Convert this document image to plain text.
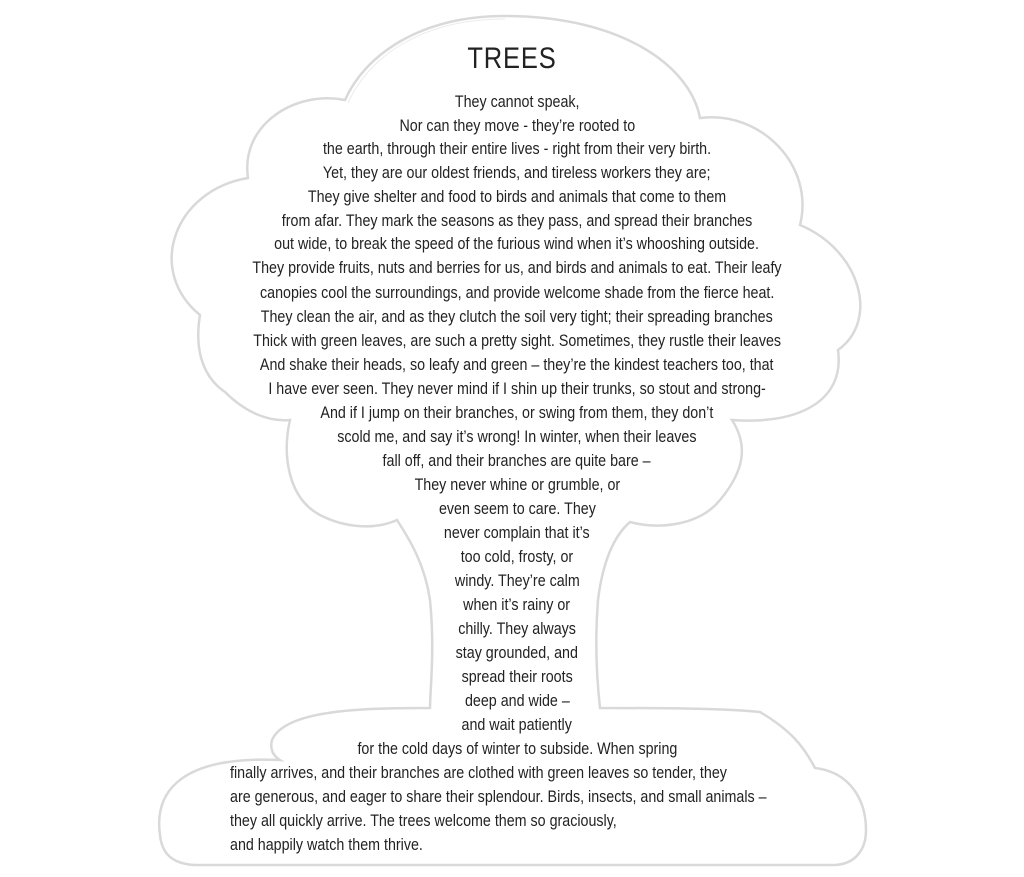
TREES
They cannot speak,
Nor can they move - they’re rooted to
the earth, through their entire lives - right from their very birth.
Yet, they are our oldest friends, and tireless workers they are;
They give shelter and food to birds and animals that come to them
from afar. They mark the seasons as they pass, and spread their branches
out wide, to break the speed of the furious wind when it’s whooshing outside.
They provide fruits, nuts and berries for us, and birds and animals to eat. Their leafy
canopies cool the surroundings, and provide welcome shade from the fierce heat.
They clean the air, and as they clutch the soil very tight; their spreading branches
Thick with green leaves, are such a pretty sight. Sometimes, they rustle their leaves
And shake their heads, so leafy and green – they’re the kindest teachers too, that
I have ever seen. They never mind if I shin up their trunks, so stout and strong-
And if I jump on their branches, or swing from them, they don’t
scold me, and say it’s wrong! In winter, when their leaves
fall off, and their branches are quite bare –
They never whine or grumble, or
even seem to care. They
never complain that it’s
too cold, frosty, or
windy. They’re calm
when it’s rainy or
chilly. They always
stay grounded, and
spread their roots
deep and wide –
and wait patiently
for the cold days of winter to subside. When spring
finally arrives, and their branches are clothed with green leaves so tender, they
are generous, and eager to share their splendour. Birds, insects, and small animals –
they all quickly arrive. The trees welcome them so graciously,
and happily watch them thrive.
